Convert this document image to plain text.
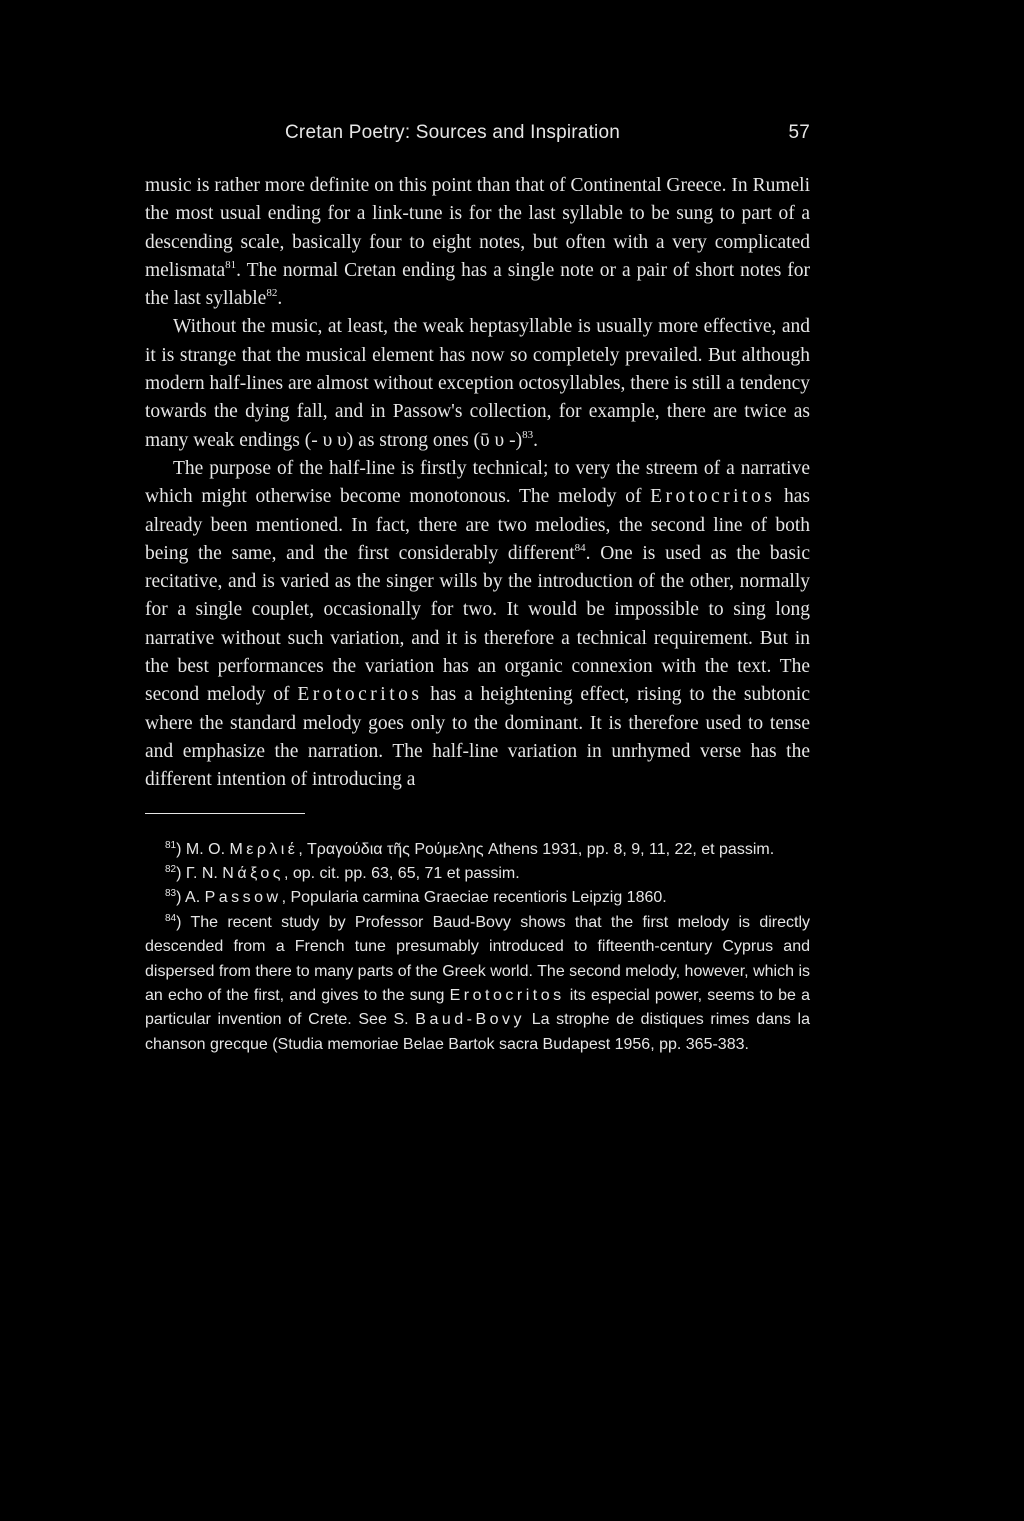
Cretan Poetry: Sources and Inspiration	57

music is rather more definite on this point than that of Continental Greece. In Rumeli the most usual ending for a link-tune is for the last syllable to be sung to part of a descending scale, basically four to eight notes, but often with a very complicated melismata$^{81}$. The normal Cretan ending has a single note or a pair of short notes for the last syllable$^{82}$.

Without the music, at least, the weak heptasyllable is usually more effective, and it is strange that the musical element has now so completely prevailed. But although modern half-lines are almost without exception octosyllables, there is still a tendency towards the dying fall, and in Passow's collection, for example, there are twice as many weak endings (- υ υ) as strong ones (ῡ υ -)$^{83}$.

The purpose of the half-line is firstly technical; to very the streem of a narrative which might otherwise become monotonous. The melody of Erotocritos has already been mentioned. In fact, there are two melodies, the second line of both being the same, and the first considerably different$^{84}$. One is used as the basic recitative, and is varied as the singer wills by the introduction of the other, normally for a single couplet, occasionally for two. It would be impossible to sing long narrative without such variation, and it is therefore a technical requirement. But in the best performances the variation has an organic connexion with the text. The second melody of Erotocritos has a heightening effect, rising to the subtonic where the standard melody goes only to the dominant. It is therefore used to tense and emphasize the narration. The half-line variation in unrhymed verse has the different intention of introducing a

$^{81}$) M. O. Μερλιέ, Τραγούδια τῆς Ρούμελης Athens 1931, pp. 8, 9, 11, 22, et passim.

$^{82}$) Γ. Ν. Νάξος, op. cit. pp. 63, 65, 71 et passim.

$^{83}$) A. Passow, Popularia carmina Graeciae recentioris Leipzig 1860.

$^{84}$) The recent study by Professor Baud-Bovy shows that the first melody is directly descended from a French tune presumably introduced to fifteenth-century Cyprus and dispersed from there to many parts of the Greek world. The second melody, however, which is an echo of the first, and gives to the sung Erotocritos its especial power, seems to be a particular invention of Crete. See S. Baud-Bovy La strophe de distiques rimes dans la chanson grecque (Studia memoriae Belae Bartok sacra Budapest 1956, pp. 365-383.
